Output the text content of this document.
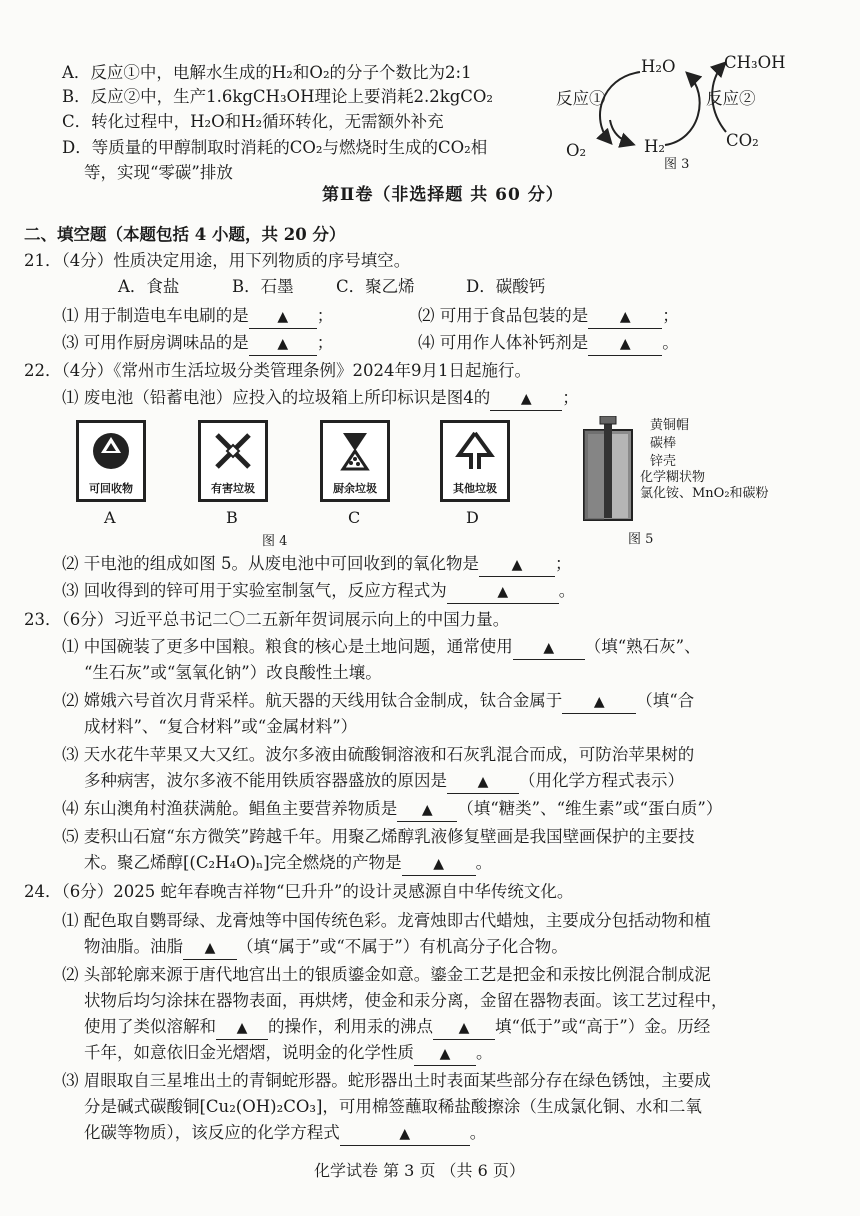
A．反应①中，电解水生成的H₂和O₂的分子个数比为2:1
B．反应②中，生产1.6kgCH₃OH理论上要消耗2.2kgCO₂
C．转化过程中，H₂O和H₂循环转化，无需额外补充
D．等质量的甲醇制取时消耗的CO₂与燃烧时生成的CO₂相
等，实现“零碳”排放
H₂O	CH₃OH
反应①	反应②
O₂	H₂	CO₂
图 3
第Ⅱ卷（非选择题 共 60 分）
二、填空题（本题包括 4 小题，共 20 分）
21．（4分）性质决定用途，用下列物质的序号填空。
A．食盐	B．石墨	C．聚乙烯	D．碳酸钙
⑴ 用于制造电车电刷的是 ▲ ；	⑵ 可用于食品包装的是 ▲ ；
⑶ 可用作厨房调味品的是 ▲ ；	⑷ 可用作人体补钙剂是 ▲ 。
22．（4分）《常州市生活垃圾分类管理条例》2024年9月1日起施行。
⑴ 废电池（铅蓄电池）应投入的垃圾箱上所印标识是图4的 ▲ ；
可回收物	有害垃圾	厨余垃圾	其他垃圾
A	B	C	D
图 4
黄铜帽
碳棒
锌壳
化学糊状物
氯化铵、MnO₂和碳粉
图 5
⑵ 干电池的组成如图 5。从废电池中可回收到的氧化物是 ▲ ；
⑶ 回收得到的锌可用于实验室制氢气，反应方程式为	▲	。
23．（6分）习近平总书记二〇二五新年贺词展示向上的中国力量。
⑴ 中国碗装了更多中国粮。粮食的核心是土地问题，通常使用 ▲ （填“熟石灰”、
“生石灰”或“氢氧化钠”）改良酸性土壤。
⑵ 嫦娥六号首次月背采样。航天器的天线用钛合金制成，钛合金属于 ▲ （填“合
成材料”、“复合材料”或“金属材料”）
⑶ 天水花牛苹果又大又红。波尔多液由硫酸铜溶液和石灰乳混合而成，可防治苹果树的
多种病害，波尔多液不能用铁质容器盛放的原因是 ▲ （用化学方程式表示）
⑷ 东山澳角村渔获满舱。鲳鱼主要营养物质是 ▲ （填“糖类”、“维生素”或“蛋白质”）
⑸ 麦积山石窟“东方微笑”跨越千年。用聚乙烯醇乳液修复壁画是我国壁画保护的主要技
术。聚乙烯醇[(C₂H₄O)ₙ]完全燃烧的产物是 ▲ 。
24．（6分）2025 蛇年春晚吉祥物“巳升升”的设计灵感源自中华传统文化。
⑴ 配色取自鹦哥绿、龙膏烛等中国传统色彩。龙膏烛即古代蜡烛，主要成分包括动物和植
物油脂。油脂 ▲ （填“属于”或“不属于”）有机高分子化合物。
⑵ 头部轮廓来源于唐代地宫出土的银质鎏金如意。鎏金工艺是把金和汞按比例混合制成泥
状物后均匀涂抹在器物表面，再烘烤，使金和汞分离，金留在器物表面。该工艺过程中，
使用了类似溶解和 ▲ 的操作，利用汞的沸点 ▲ 填“低于”或“高于”）金。历经
千年，如意依旧金光熠熠，说明金的化学性质 ▲ 。
⑶ 眉眼取自三星堆出土的青铜蛇形器。蛇形器出土时表面某些部分存在绿色锈蚀，主要成
分是碱式碳酸铜[Cu₂(OH)₂CO₃]，可用棉签蘸取稀盐酸擦涂（生成氯化铜、水和二氧
化碳等物质），该反应的化学方程式	▲	。
化学试卷 第 3 页 （共 6 页）
